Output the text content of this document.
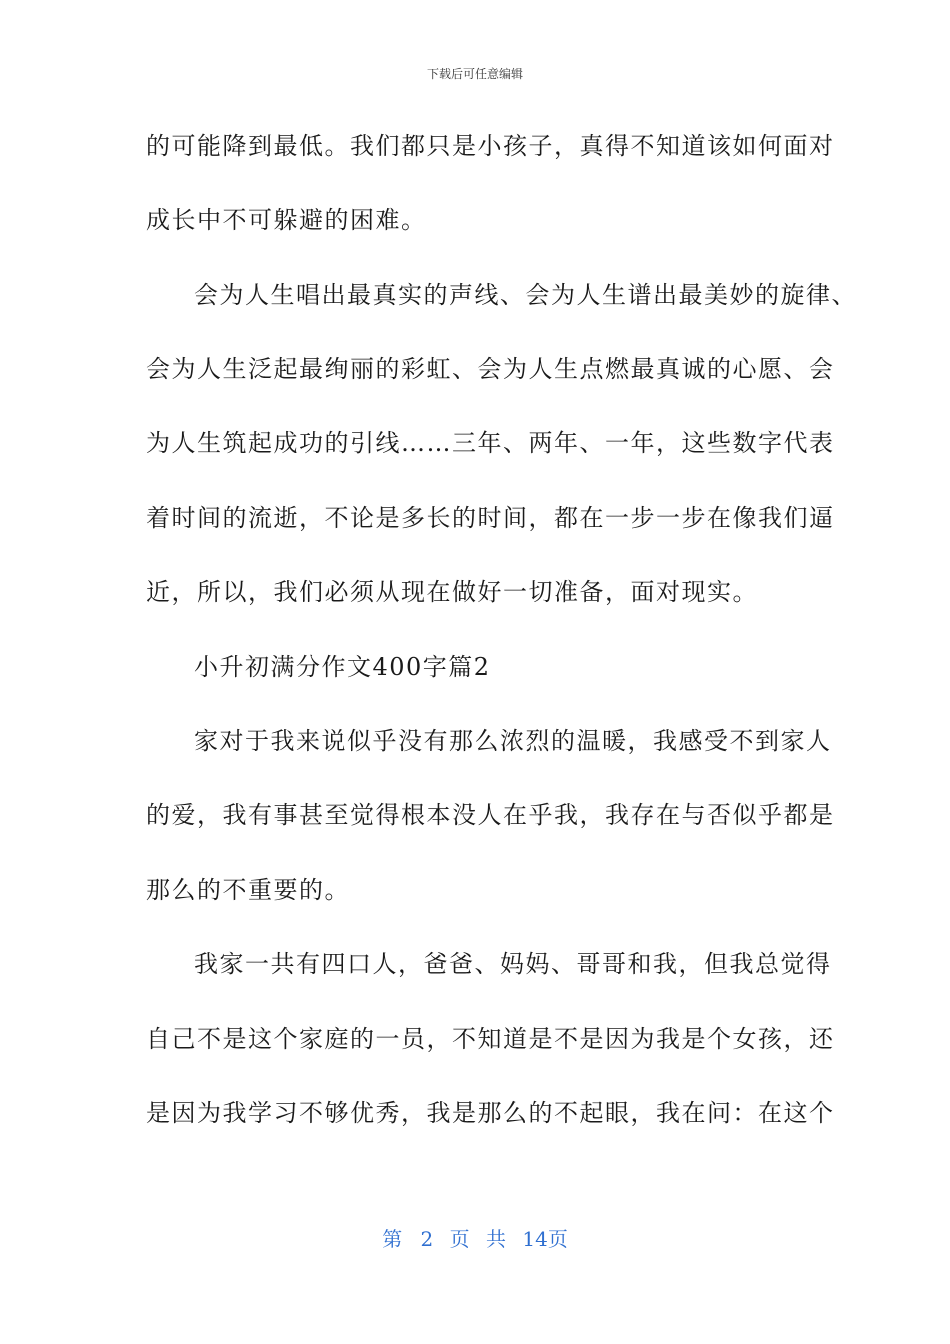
下载后可任意编辑
的可能降到最低。我们都只是小孩子，真得不知道该如何面对
成长中不可躲避的困难。
会为人生唱出最真实的声线、会为人生谱出最美妙的旋律、
会为人生泛起最绚丽的彩虹、会为人生点燃最真诚的心愿、会
为人生筑起成功的引线……三年、两年、一年，这些数字代表
着时间的流逝，不论是多长的时间，都在一步一步在像我们逼
近，所以，我们必须从现在做好一切准备，面对现实。
小升初满分作文400字篇2
家对于我来说似乎没有那么浓烈的温暖，我感受不到家人
的爱，我有事甚至觉得根本没人在乎我，我存在与否似乎都是
那么的不重要的。
我家一共有四口人，爸爸、妈妈、哥哥和我，但我总觉得
自己不是这个家庭的一员，不知道是不是因为我是个女孩，还
是因为我学习不够优秀，我是那么的不起眼，我在问：在这个
第 2 页 共 14页
